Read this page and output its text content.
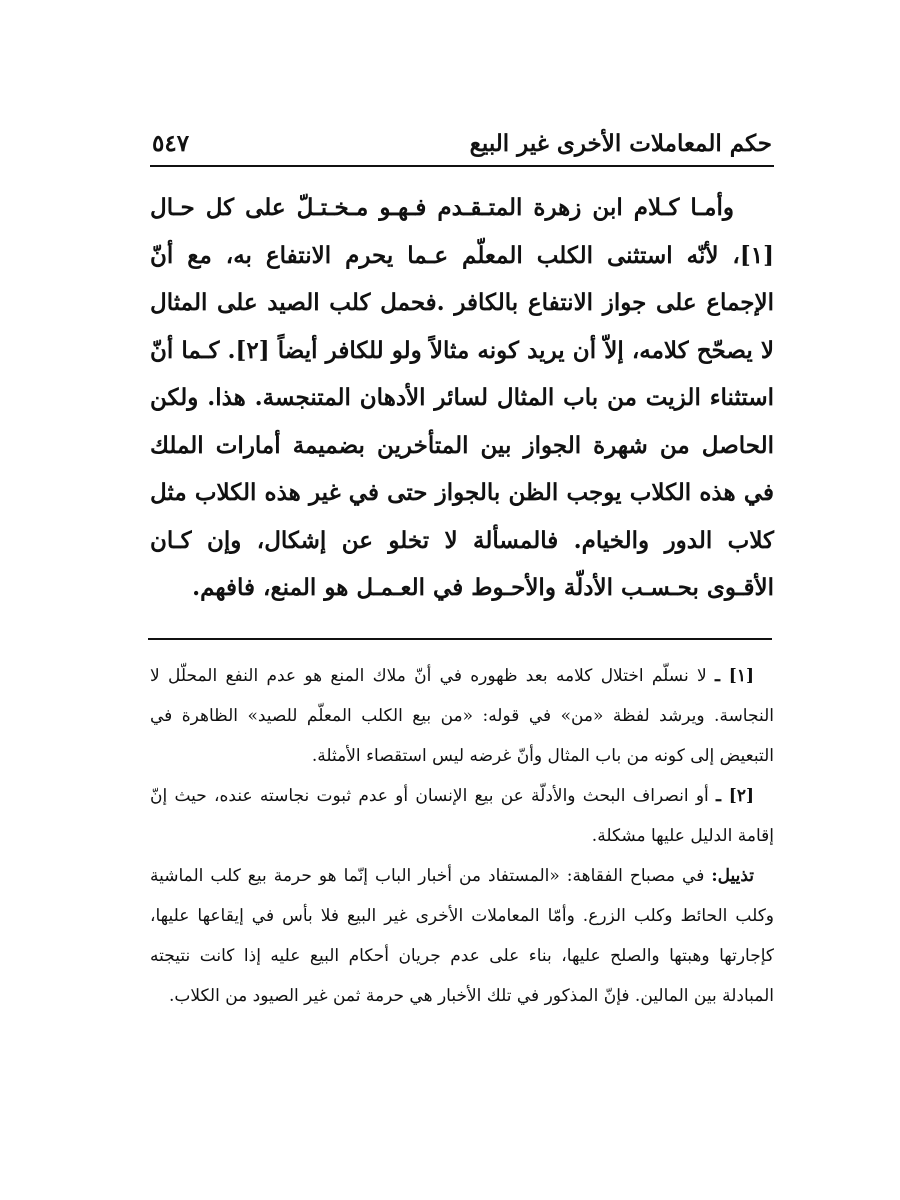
حكم المعاملات الأخرى غير البيع
٥٤٧

وأمـا كـلام ابن زهرة المتـقـدم فـهـو مـخـتـلّ على كل حـال [١]، لأنّه استثنى الكلب المعلّم عـما يحرم الانتفاع به، مع أنّ الإجماع على جواز الانتفاع بالكافر .فحمل كلب الصيد على المثال لا يصحّح كلامه، إلاّ أن يريد كونه مثالاً ولو للكافر أيضاً [٢]. كـما أنّ استثناء الزيت من باب المثال لسائر الأدهان المتنجسة. هذا. ولكن الحاصل من شهرة الجواز بين المتأخرين بضميمة أمارات الملك في هذه الكلاب يوجب الظن بالجواز حتى في غير هذه الكلاب مثل كلاب الدور والخيام. فالمسألة لا تخلو عن إشكال، وإن كـان الأقـوى بحـسـب الأدلّة والأحـوط في العـمـل هو المنع، فافهم.

[١] ـ لا نسلّم اختلال كلامه بعد ظهوره في أنّ ملاك المنع هو عدم النفع المحلّل لا النجاسة. ويرشد لفظة «من» في قوله: «من بيع الكلب المعلّم للصيد» الظاهرة في التبعيض إلى كونه من باب المثال وأنّ غرضه ليس استقصاء الأمثلة.

[٢] ـ أو انصراف البحث والأدلّة عن بيع الإنسان أو عدم ثبوت نجاسته عنده، حيث إنّ إقامة الدليل عليها مشكلة.

تذييل: في مصباح الفقاهة: «المستفاد من أخبار الباب إنّما هو حرمة بيع كلب الماشية وكلب الحائط وكلب الزرع. وأمّا المعاملات الأخرى غير البيع فلا بأس في إيقاعها عليها، كإجارتها وهبتها والصلح عليها، بناء على عدم جريان أحكام البيع عليه إذا كانت نتيجته المبادلة بين المالين. فإنّ المذكور في تلك الأخبار هي حرمة ثمن غير الصيود من الكلاب.
